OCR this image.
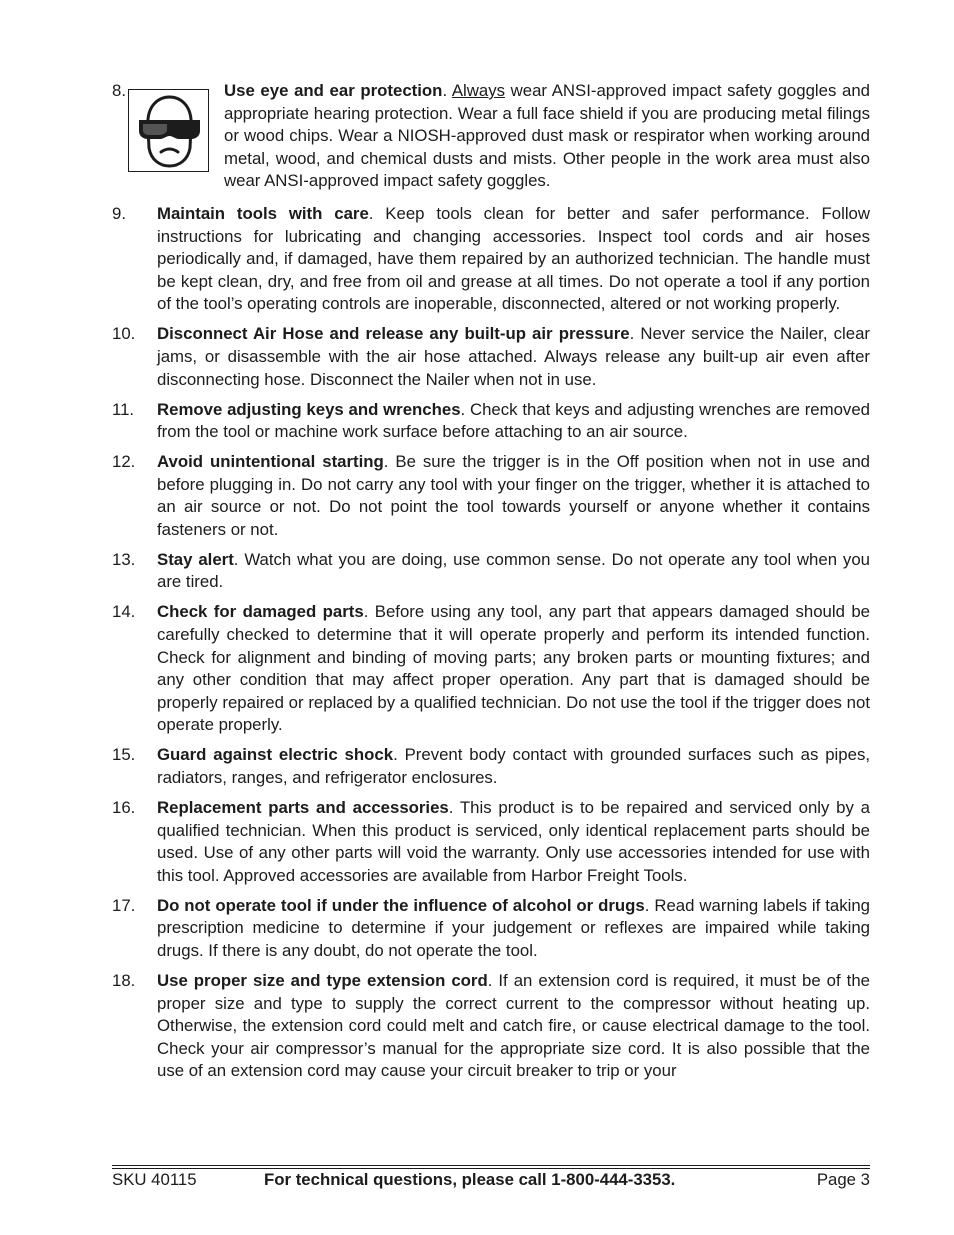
8.	Use eye and ear protection. Always wear ANSI-approved impact safety goggles and appropriate hearing protection. Wear a full face shield if you are producing metal filings or wood chips. Wear a NIOSH-approved dust mask or respirator when working around metal, wood, and chemical dusts and mists. Other people in the work area must also wear ANSI-approved impact safety goggles.
9.	Maintain tools with care. Keep tools clean for better and safer performance. Follow instructions for lubricating and changing accessories. Inspect tool cords and air hoses periodically and, if damaged, have them repaired by an authorized technician. The handle must be kept clean, dry, and free from oil and grease at all times. Do not operate a tool if any portion of the tool’s operating controls are inoperable, disconnected, altered or not working properly.
10.	Disconnect Air Hose and release any built-up air pressure. Never service the Nailer, clear jams, or disassemble with the air hose attached. Always release any built-up air even after disconnecting hose. Disconnect the Nailer when not in use.
11.	Remove adjusting keys and wrenches. Check that keys and adjusting wrenches are removed from the tool or machine work surface before attaching to an air source.
12.	Avoid unintentional starting. Be sure the trigger is in the Off position when not in use and before plugging in. Do not carry any tool with your finger on the trigger, whether it is attached to an air source or not. Do not point the tool towards yourself or anyone whether it contains fasteners or not.
13.	Stay alert. Watch what you are doing, use common sense. Do not operate any tool when you are tired.
14.	Check for damaged parts. Before using any tool, any part that appears damaged should be carefully checked to determine that it will operate properly and perform its intended function. Check for alignment and binding of moving parts; any broken parts or mounting fixtures; and any other condition that may affect proper operation. Any part that is damaged should be properly repaired or replaced by a qualified technician. Do not use the tool if the trigger does not operate properly.
15.	Guard against electric shock. Prevent body contact with grounded surfaces such as pipes, radiators, ranges, and refrigerator enclosures.
16.	Replacement parts and accessories. This product is to be repaired and serviced only by a qualified technician. When this product is serviced, only identical replacement parts should be used. Use of any other parts will void the warranty. Only use accessories intended for use with this tool. Approved accessories are available from Harbor Freight Tools.
17.	Do not operate tool if under the influence of alcohol or drugs. Read warning labels if taking prescription medicine to determine if your judgement or reflexes are impaired while taking drugs. If there is any doubt, do not operate the tool.
18.	Use proper size and type extension cord. If an extension cord is required, it must be of the proper size and type to supply the correct current to the compressor without heating up. Otherwise, the extension cord could melt and catch fire, or cause electrical damage to the tool. Check your air compressor’s manual for the appropriate size cord. It is also possible that the use of an extension cord may cause your circuit breaker to trip or your
SKU 40115	For technical questions, please call 1-800-444-3353.	Page 3
